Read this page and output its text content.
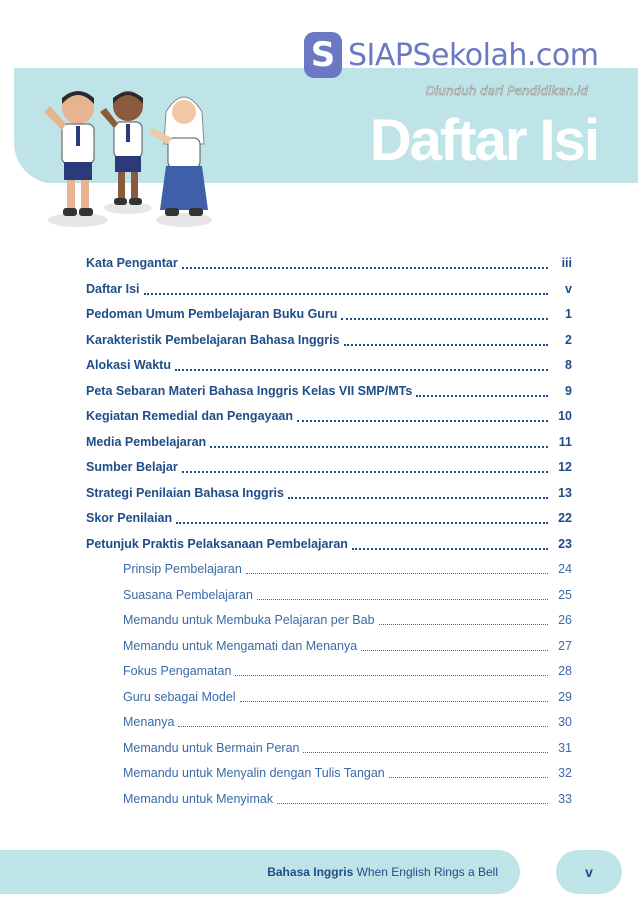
S SIAPSekolah.com
Diunduh dari Pendidikan.id
Daftar Isi
Kata Pengantar	iii
Daftar Isi	v
Pedoman Umum Pembelajaran Buku Guru	1
Karakteristik Pembelajaran Bahasa Inggris	2
Alokasi Waktu	8
Peta Sebaran Materi Bahasa Inggris Kelas VII SMP/MTs	9
Kegiatan Remedial dan Pengayaan	10
Media Pembelajaran	11
Sumber Belajar	12
Strategi Penilaian Bahasa Inggris	13
Skor Penilaian	22
Petunjuk Praktis Pelaksanaan Pembelajaran	23
Prinsip Pembelajaran	24
Suasana Pembelajaran	25
Memandu untuk Membuka Pelajaran per Bab	26
Memandu untuk Mengamati dan Menanya	27
Fokus Pengamatan	28
Guru sebagai Model	29
Menanya	30
Memandu untuk Bermain Peran	31
Memandu untuk Menyalin dengan Tulis Tangan	32
Memandu untuk Menyimak	33
Bahasa Inggris When English Rings a Bell	v
